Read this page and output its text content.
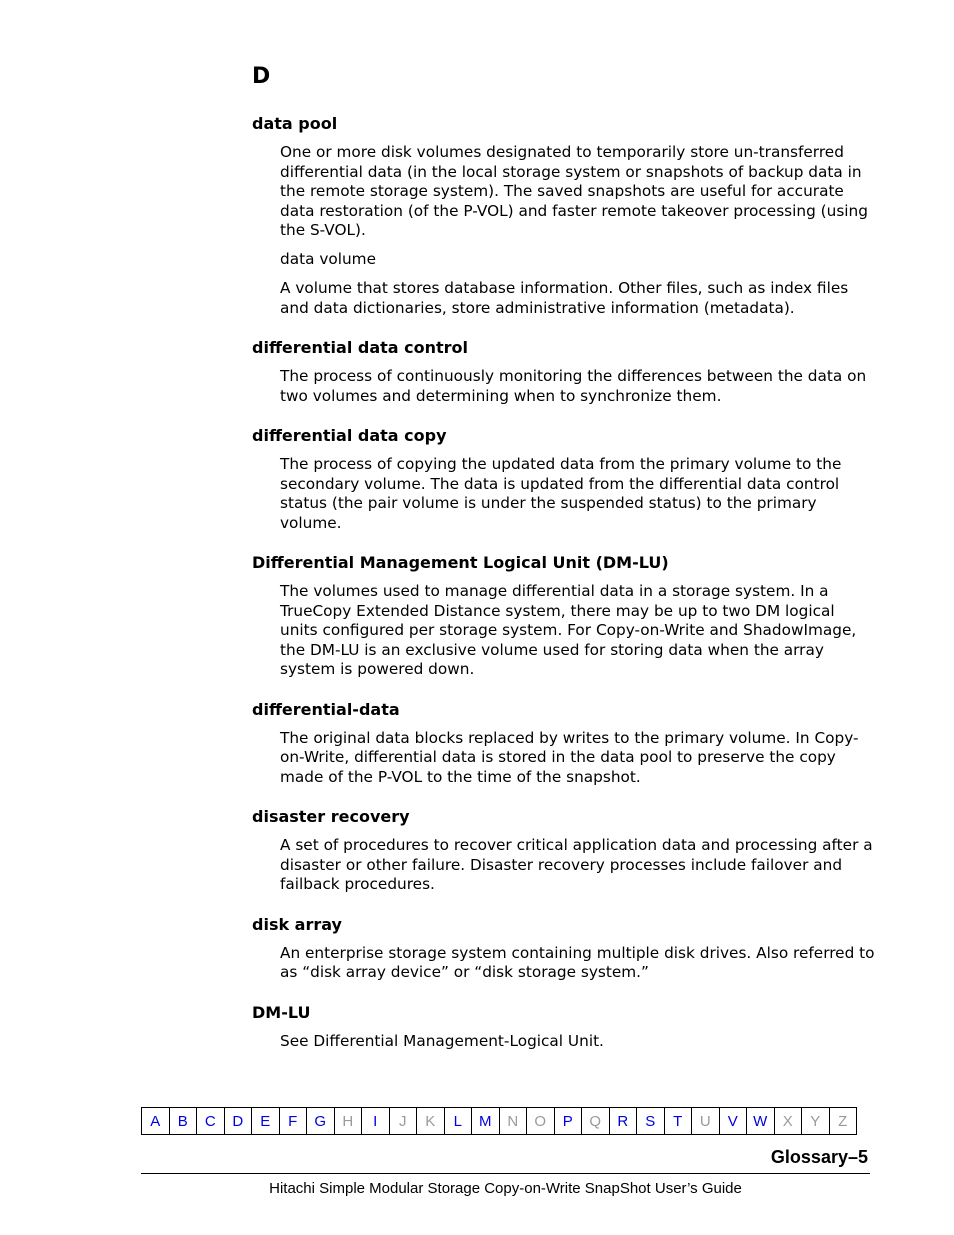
D
data pool

One or more disk volumes designated to temporarily store un-transferred differential data (in the local storage system or snapshots of backup data in the remote storage system). The saved snapshots are useful for accurate data restoration (of the P-VOL) and faster remote takeover processing (using the S-VOL).

data volume

A volume that stores database information. Other files, such as index files and data dictionaries, store administrative information (metadata).

differential data control

The process of continuously monitoring the differences between the data on two volumes and determining when to synchronize them.

differential data copy

The process of copying the updated data from the primary volume to the secondary volume. The data is updated from the differential data control status (the pair volume is under the suspended status) to the primary volume.

Differential Management Logical Unit (DM-LU)

The volumes used to manage differential data in a storage system. In a TrueCopy Extended Distance system, there may be up to two DM logical units configured per storage system. For Copy-on-Write and ShadowImage, the DM-LU is an exclusive volume used for storing data when the array system is powered down.

differential-data

The original data blocks replaced by writes to the primary volume. In Copy-on-Write, differential data is stored in the data pool to preserve the copy made of the P-VOL to the time of the snapshot.

disaster recovery

A set of procedures to recover critical application data and processing after a disaster or other failure. Disaster recovery processes include failover and failback procedures.

disk array

An enterprise storage system containing multiple disk drives. Also referred to as “disk array device” or “disk storage system.”

DM-LU

See Differential Management-Logical Unit.

A	B	C	D	E	F	G	H	I	J	K	L	M	N	O	P	Q	R	S	T	U	V	W	X	Y	Z
Glossary–5
Hitachi Simple Modular Storage Copy-on-Write SnapShot User’s Guide
